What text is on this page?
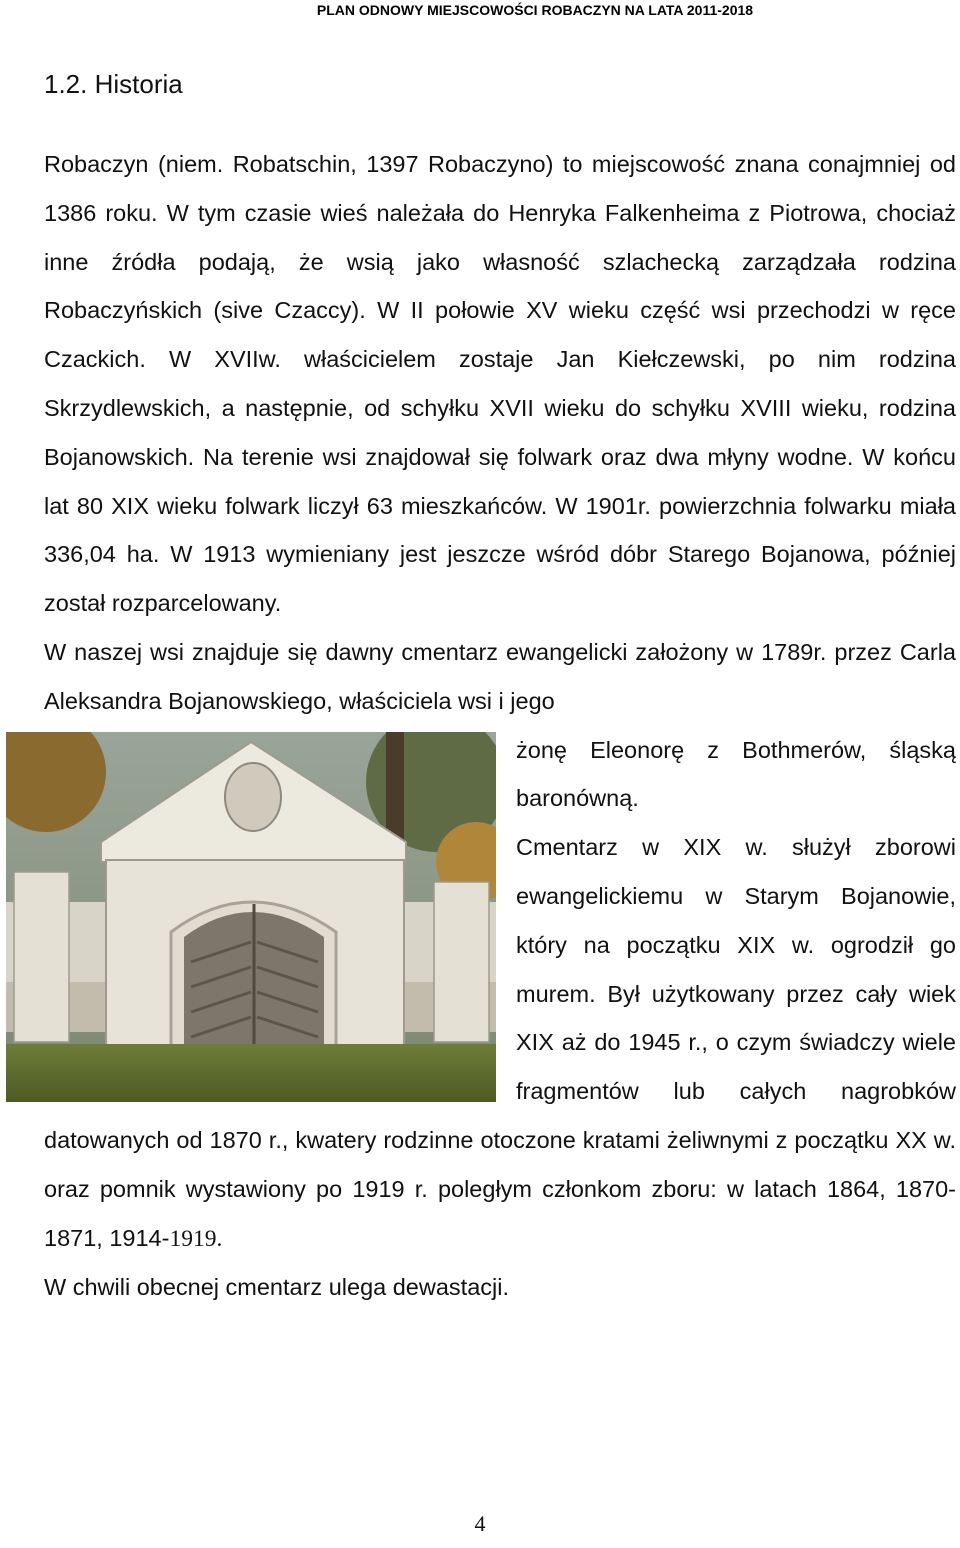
PLAN ODNOWY MIEJSCOWOŚCI ROBACZYN NA LATA 2011-2018
1.2. Historia

Robaczyn (niem. Robatschin, 1397 Robaczyno) to miejscowość znana conajmniej od 1386 roku. W tym czasie wieś należała do Henryka Falkenheima z Piotrowa, chociaż inne źródła podają, że wsią jako własność szlachecką zarządzała rodzina Robaczyńskich (sive Czaccy). W II połowie XV wieku część wsi przechodzi w ręce Czackich. W XVIIw. właścicielem zostaje Jan Kiełczewski, po nim rodzina Skrzydlewskich, a następnie, od schyłku XVII wieku do schyłku XVIII wieku, rodzina Bojanowskich. Na terenie wsi znajdował się folwark oraz dwa młyny wodne. W końcu lat 80 XIX wieku folwark liczył 63 mieszkańców. W 1901r. powierzchnia folwarku miała 336,04 ha. W 1913 wymieniany jest jeszcze wśród dóbr Starego Bojanowa, później został rozparcelowany.

W naszej wsi znajduje się dawny cmentarz ewangelicki założony w 1789r. przez Carla Aleksandra Bojanowskiego, właściciela wsi i jego

żonę Eleonorę z Bothmerów, śląską baronówną.

Cmentarz w XIX w. służył zborowi ewangelickiemu w Starym Bojanowie, który na początku XIX w. ogrodził go murem. Był użytkowany przez cały wiek XIX aż do 1945 r., o czym świadczy wiele fragmentów lub całych nagrobków datowanych od 1870 r., kwatery rodzinne otoczone kratami żeliwnymi z początku XX w. oraz pomnik wystawiony po 1919 r. poległym członkom zboru: w latach 1864, 1870-1871, 1914-1919.

W chwili obecnej cmentarz ulega dewastacji.

4
